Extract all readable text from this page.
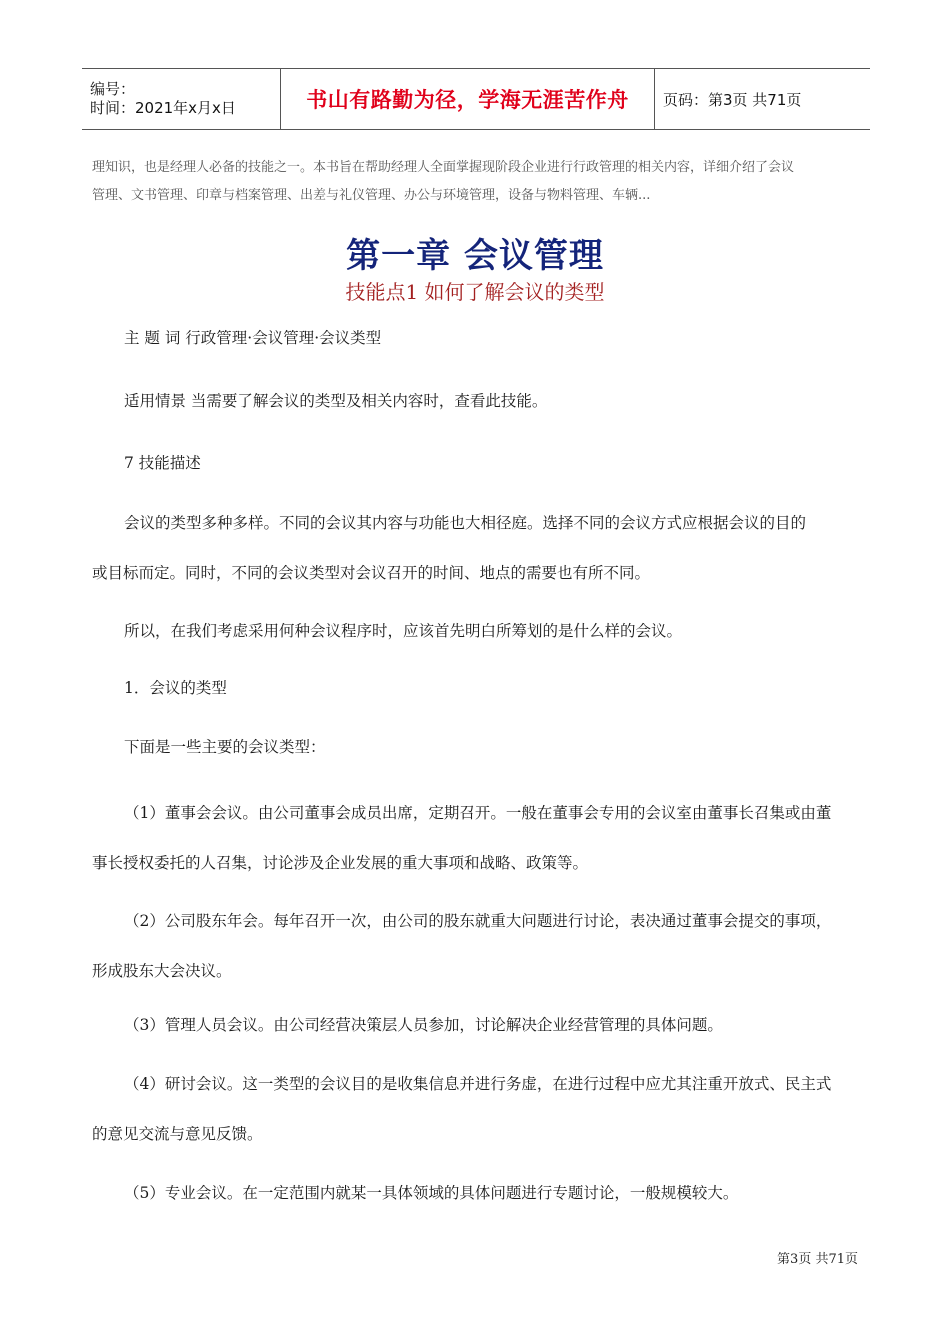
编号：
时间：2021年x月x日	书山有路勤为径，学海无涯苦作舟 页码：第3页 共71页
理知识，也是经理人必备的技能之一。本书旨在帮助经理人全面掌握现阶段企业进行行政管理的相关内容，详细介绍了会议
管理、文书管理、印章与档案管理、出差与礼仪管理、办公与环境管理，设备与物料管理、车辆...
第一章 会议管理
技能点1 如何了解会议的类型

主 题 词 行政管理·会议管理·会议类型

适用情景 当需要了解会议的类型及相关内容时，查看此技能。

7 技能描述

会议的类型多种多样。不同的会议其内容与功能也大相径庭。选择不同的会议方式应根据会议的目的
或目标而定。同时，不同的会议类型对会议召开的时间、地点的需要也有所不同。

所以，在我们考虑采用何种会议程序时，应该首先明白所筹划的是什么样的会议。

1．会议的类型

下面是一些主要的会议类型：

（1）董事会会议。由公司董事会成员出席，定期召开。一般在董事会专用的会议室由董事长召集或由董
事长授权委托的人召集，讨论涉及企业发展的重大事项和战略、政策等。
（2）公司股东年会。每年召开一次，由公司的股东就重大问题进行讨论，表决通过董事会提交的事项，
形成股东大会决议。

（3）管理人员会议。由公司经营决策层人员参加，讨论解决企业经营管理的具体问题。

（4）研讨会议。这一类型的会议目的是收集信息并进行务虚，在进行过程中应尤其注重开放式、民主式
的意见交流与意见反馈。

（5）专业会议。在一定范围内就某一具体领域的具体问题进行专题讨论，一般规模较大。

第3页 共71页
